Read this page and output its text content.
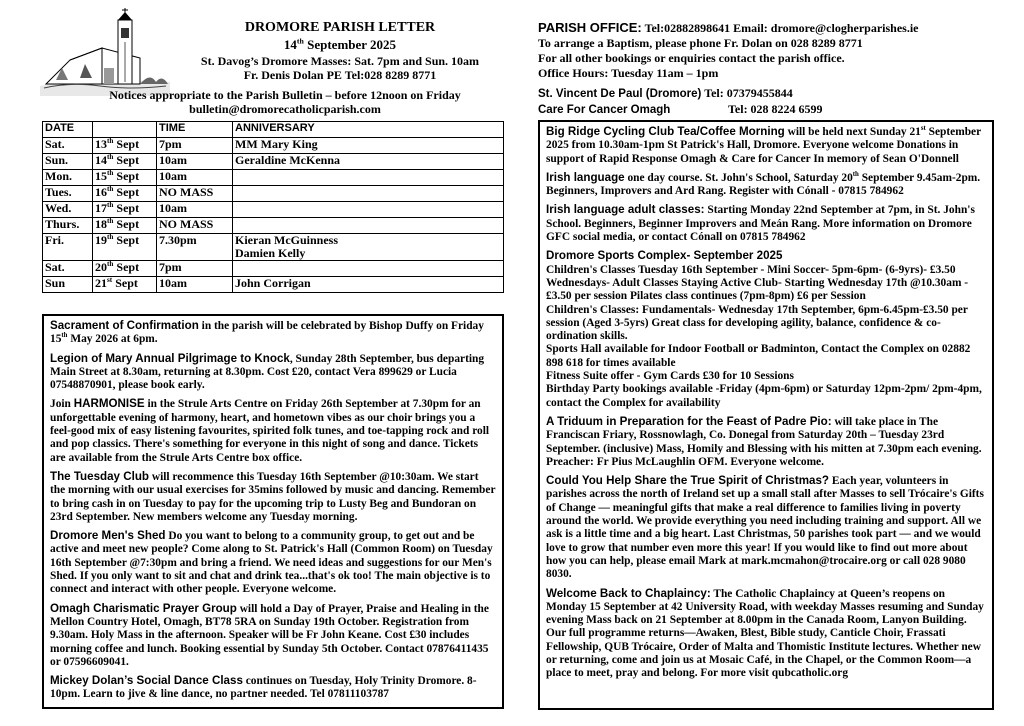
DROMORE PARISH LETTER
14th September 2025
St. Davog’s Dromore Masses: Sat. 7pm and Sun. 10am
Fr. Denis Dolan PE Tel:028 8289 8771
Notices appropriate to the Parish Bulletin – before 12noon on Friday
bulletin@dromorecatholicparish.com
DATE		TIME	ANNIVERSARY
Sat.	13th Sept	7pm	MM Mary King

Sun.	14th Sept	10am	Geraldine McKenna

Mon.	15th Sept	10am	

Tues.	16th Sept	NO MASS	

Wed.	17th Sept	10am	

Thurs.	18th Sept	NO MASS	

Fri.	19th Sept	7.30pm	Kieran McGuinness
Damien Kelly

Sat.	20th Sept	7pm	

Sun	21st Sept	10am	John Corrigan

Sacrament of Confirmation in the parish will be celebrated by Bishop Duffy on Friday 15th May 2026 at 6pm.

Legion of Mary Annual Pilgrimage to Knock, Sunday 28th September, bus departing Main Street at 8.30am, returning at 8.30pm. Cost £20, contact Vera 899629 or Lucia 07548870901, please book early.

Join HARMONISE in the Strule Arts Centre on Friday 26th September at 7.30pm for an unforgettable evening of harmony, heart, and hometown vibes as our choir brings you a feel-good mix of easy listening favourites, spirited folk tunes, and toe-tapping rock and roll and pop classics. There's something for everyone in this night of song and dance. Tickets are available from the Strule Arts Centre box office.

The Tuesday Club will recommence this Tuesday 16th September @10:30am. We start the morning with our usual exercises for 35mins followed by music and dancing. Remember to bring cash in on Tuesday to pay for the upcoming trip to Lusty Beg and Bundoran on 23rd September. New members welcome any Tuesday morning.

Dromore Men's Shed Do you want to belong to a community group, to get out and be active and meet new people? Come along to St. Patrick's Hall (Common Room) on Tuesday 16th September @7:30pm and bring a friend. We need ideas and suggestions for our Men's Shed. If you only want to sit and chat and drink tea...that's ok too! The main objective is to connect and interact with other people. Everyone welcome.

Omagh Charismatic Prayer Group will hold a Day of Prayer, Praise and Healing in the Mellon Country Hotel, Omagh, BT78 5RA on Sunday 19th October. Registration from 9.30am. Holy Mass in the afternoon. Speaker will be Fr John Keane. Cost £30 includes morning coffee and lunch. Booking essential by Sunday 5th October. Contact 07876411435 or 07596609041.

Mickey Dolan’s Social Dance Class continues on Tuesday, Holy Trinity Dromore. 8-10pm. Learn to jive & line dance, no partner needed. Tel 07811103787

PARISH OFFICE: Tel:02882898641 Email: dromore@clogherparishes.ie
To arrange a Baptism, please phone Fr. Dolan on 028 8289 8771
For all other bookings or enquiries contact the parish office.
Office Hours: Tuesday 11am – 1pm
St. Vincent De Paul (Dromore) Tel: 07379455844
Care For Cancer Omagh	Tel: 028 8224 6599

Big Ridge Cycling Club Tea/Coffee Morning will be held next Sunday 21st September 2025 from 10.30am-1pm St Patrick's Hall, Dromore. Everyone welcome Donations in support of Rapid Response Omagh & Care for Cancer In memory of Sean O'Donnell

Irish language one day course. St. John's School, Saturday 20th September 9.45am-2pm. Beginners, Improvers and Ard Rang. Register with Cónall - 07815 784962

Irish language adult classes: Starting Monday 22nd September at 7pm, in St. John's School. Beginners, Beginner Improvers and Meán Rang. More information on Dromore GFC social media, or contact Cónall on 07815 784962

Dromore Sports Complex- September 2025
Children's Classes Tuesday 16th September - Mini Soccer- 5pm-6pm- (6-9yrs)- £3.50
Wednesdays- Adult Classes Staying Active Club- Starting Wednesday 17th @10.30am - £3.50 per session Pilates class continues (7pm-8pm) £6 per Session
Children's Classes: Fundamentals- Wednesday 17th September, 6pm-6.45pm-£3.50 per session (Aged 3-5yrs) Great class for developing agility, balance, confidence & co-ordination skills.
Sports Hall available for Indoor Football or Badminton, Contact the Complex on 02882 898 618 for times available
Fitness Suite offer - Gym Cards £30 for 10 Sessions
Birthday Party bookings available -Friday (4pm-6pm) or Saturday 12pm-2pm/ 2pm-4pm, contact the Complex for availability

A Triduum in Preparation for the Feast of Padre Pio: will take place in The Franciscan Friary, Rossnowlagh, Co. Donegal from Saturday 20th – Tuesday 23rd September. (inclusive) Mass, Homily and Blessing with his mitten at 7.30pm each evening. Preacher: Fr Pius McLaughlin OFM. Everyone welcome.

Could You Help Share the True Spirit of Christmas? Each year, volunteers in parishes across the north of Ireland set up a small stall after Masses to sell Trócaire's Gifts of Change — meaningful gifts that make a real difference to families living in poverty around the world. We provide everything you need including training and support. All we ask is a little time and a big heart. Last Christmas, 50 parishes took part — and we would love to grow that number even more this year! If you would like to find out more about how you can help, please email Mark at mark.mcmahon@trocaire.org or call 028 9080 8030.

Welcome Back to Chaplaincy: The Catholic Chaplaincy at Queen’s reopens on Monday 15 September at 42 University Road, with weekday Masses resuming and Sunday evening Mass back on 21 September at 8.00pm in the Canada Room, Lanyon Building. Our full programme returns—Awaken, Blest, Bible study, Canticle Choir, Frassati Fellowship, QUB Trócaire, Order of Malta and Thomistic Institute lectures. Whether new or returning, come and join us at Mosaic Café, in the Chapel, or the Common Room—a place to meet, pray and belong. For more visit qubcatholic.org
